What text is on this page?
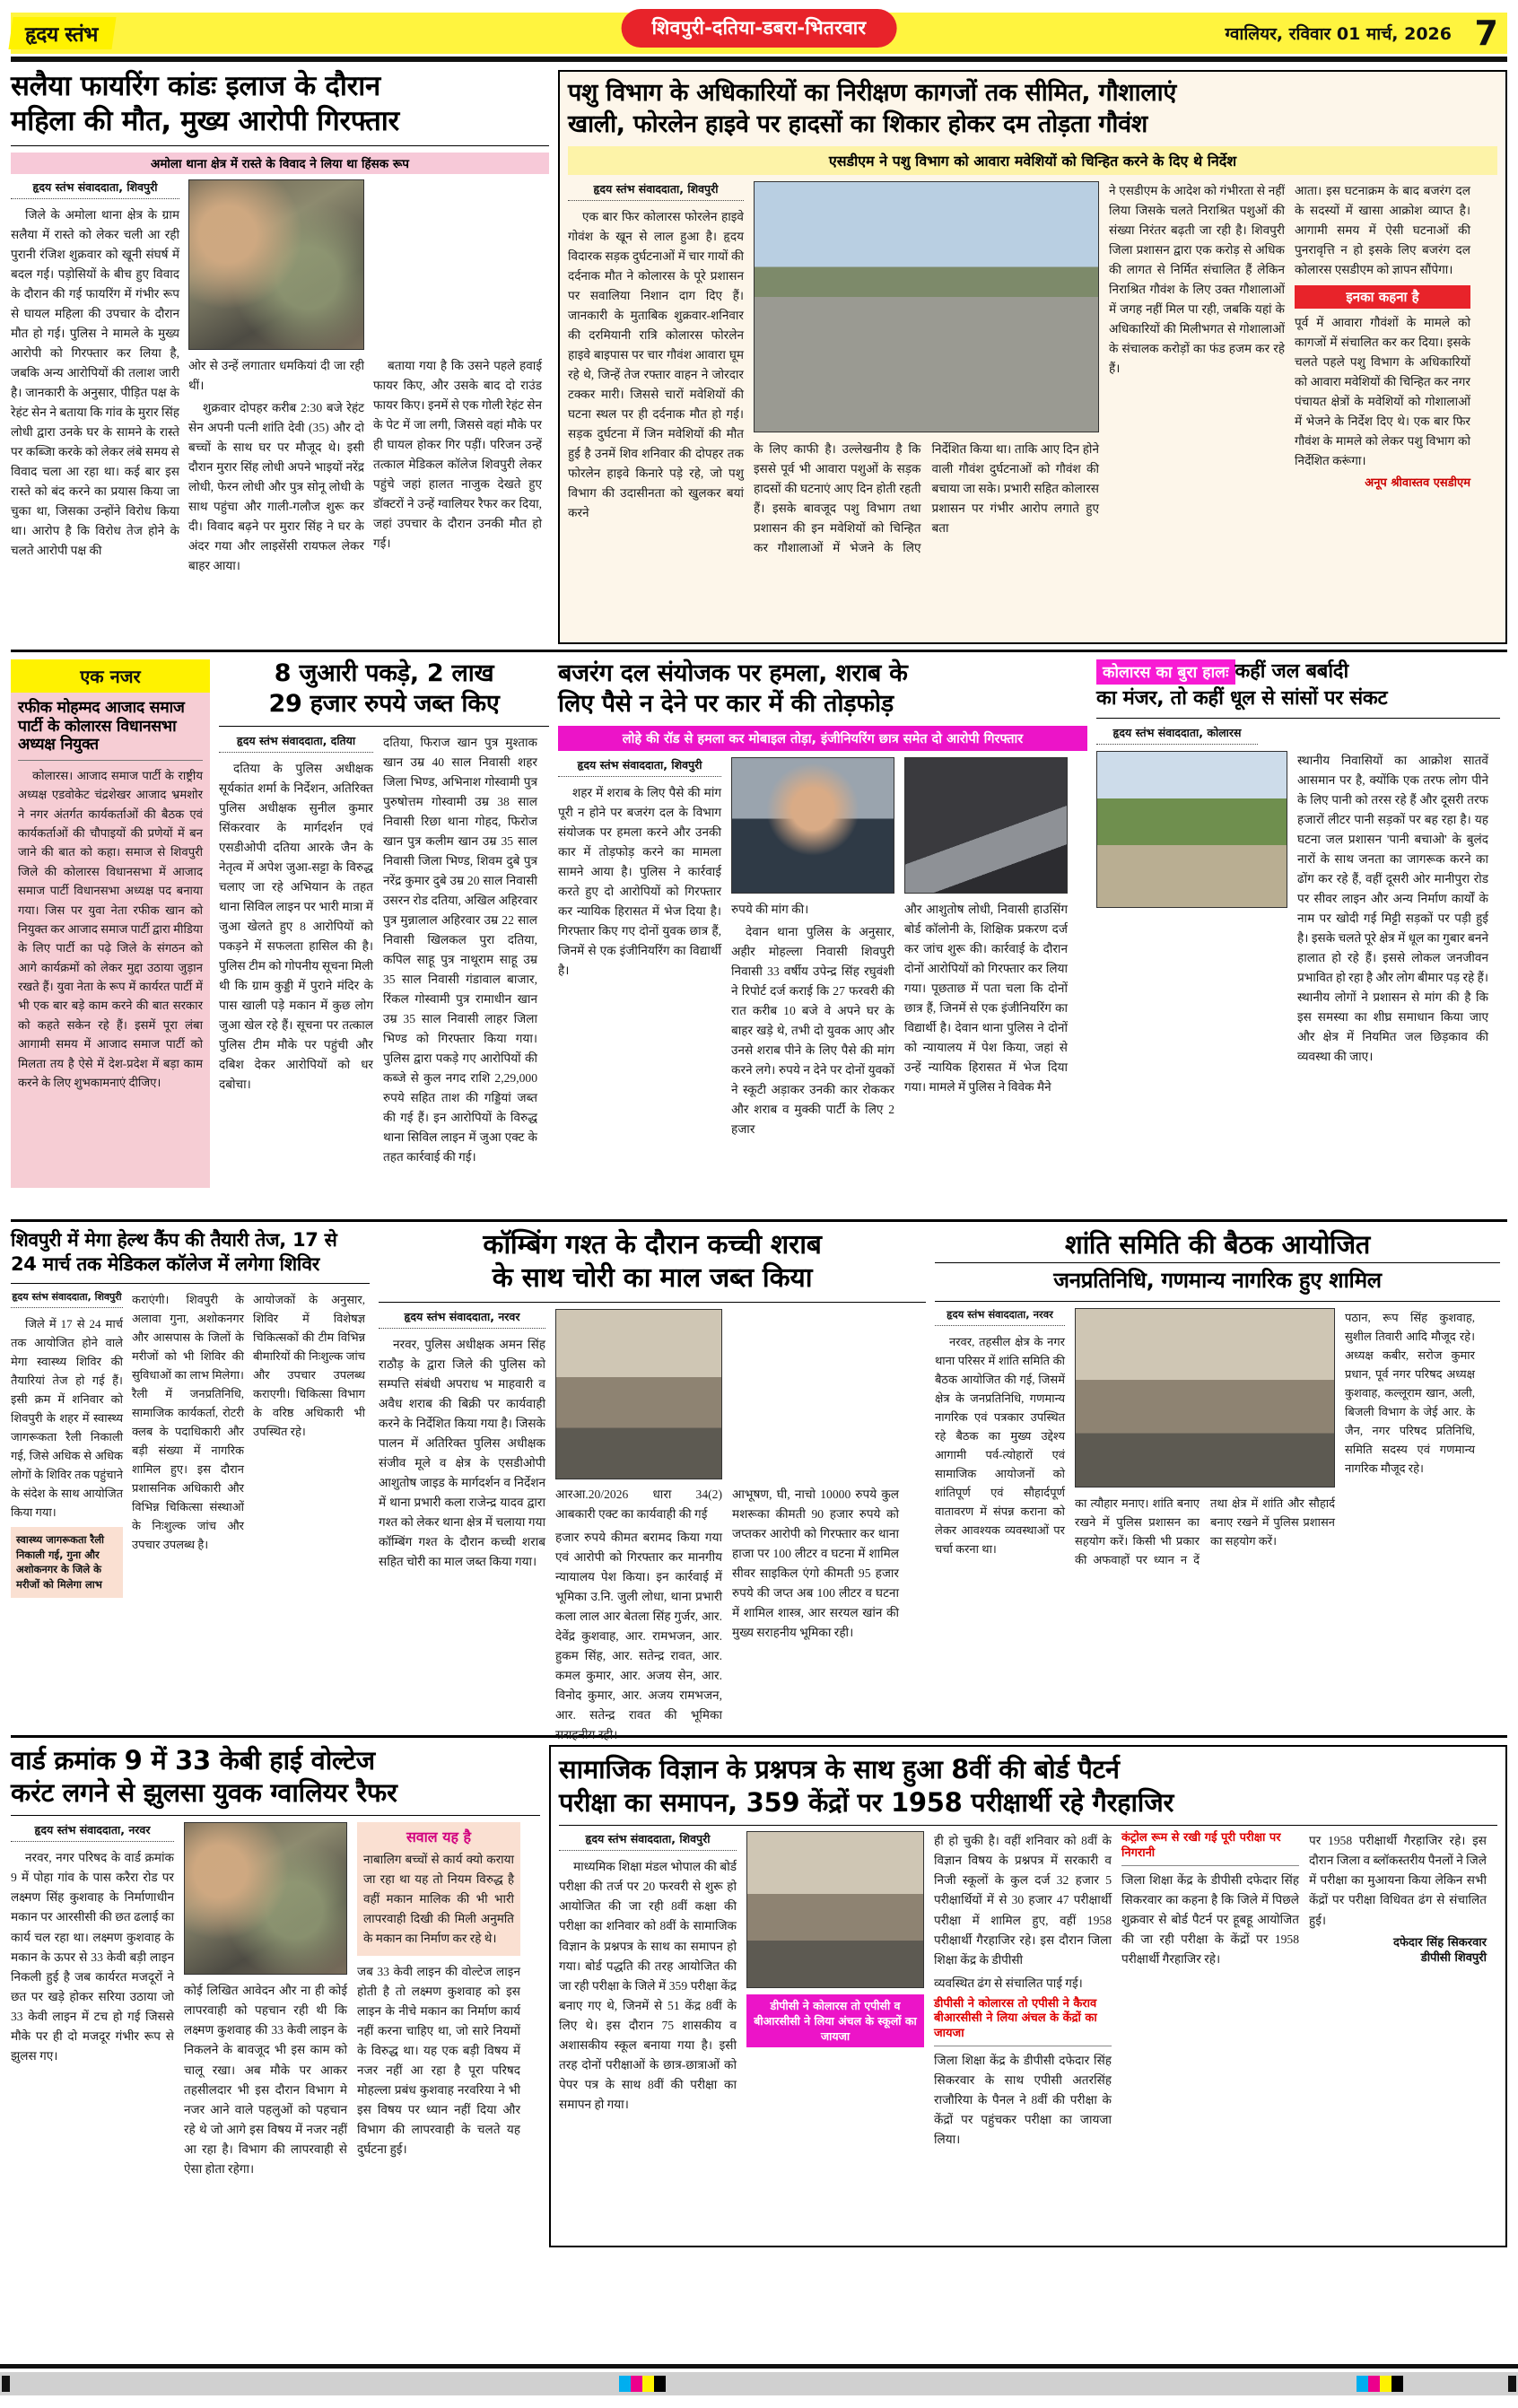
हृदय स्तंभ	शिवपुरी-दतिया-डबरा-भितरवार	ग्वालियर, रविवार 01 मार्च, 2026 7
सलैया फायरिंग कांडः इलाज के दौरान
महिला की मौत, मुख्य आरोपी गिरफ्तार
अमोला थाना क्षेत्र में रास्ते के विवाद ने लिया था हिंसक रूप
हृदय स्तंभ संवाददाता, शिवपुरी

जिले के अमोला थाना क्षेत्र के ग्राम सलैया में रास्ते को लेकर चली आ रही पुरानी रंजिश शुक्रवार को खूनी संघर्ष में बदल गई। पड़ोसियों के बीच हुए विवाद के दौरान की गई फायरिंग में गंभीर रूप से घायल महिला की उपचार के दौरान मौत हो गई। पुलिस ने मामले के मुख्य आरोपी को गिरफ्तार कर लिया है, जबकि अन्य आरोपियों की तलाश जारी है। जानकारी के अनुसार, पीड़ित पक्ष के रेहंट सेन ने बताया कि गांव के मुरार सिंह लोधी द्वारा उनके घर के सामने के रास्ते पर कब्जिा करके को लेकर लंबे समय से विवाद चला आ रहा था। कई बार इस रास्ते को बंद करने का प्रयास किया जा चुका था, जिसका उन्होंने विरोध किया था। आरोप है कि विरोध तेज होने के चलते आरोपी पक्ष की

ओर से उन्हें लगातार धमकियां दी जा रही थीं।

शुक्रवार दोपहर करीब 2:30 बजे रेहंट सेन अपनी पत्नी शांति देवी (35) और दो बच्चों के साथ घर पर मौजूद थे। इसी दौरान मुरार सिंह लोधी अपने भाइयों नरेंद्र लोधी, फेरन लोधी और पुत्र सोनू लोधी के साथ पहुंचा और गाली-गलौज शुरू कर दी। विवाद बढ़ने पर मुरार सिंह ने घर के अंदर गया और लाइसेंसी रायफल लेकर बाहर आया।

बताया गया है कि उसने पहले हवाई फायर किए, और उसके बाद दो राउंड फायर किए। इनमें से एक गोली रेहंट सेन के पेट में जा लगी, जिससे वहां मौके पर ही घायल होकर गिर पड़ीं। परिजन उन्हें तत्काल मेडिकल कॉलेज शिवपुरी लेकर पहुंचे जहां हालत नाजुक देखते हुए डॉक्टरों ने उन्हें ग्वालियर रैफर कर दिया, जहां उपचार के दौरान उनकी मौत हो गई।

पशु विभाग के अधिकारियों का निरीक्षण कागजों तक सीमित, गौशालाएं
खाली, फोरलेन हाइवे पर हादसों का शिकार होकर दम तोड़ता गौवंश
एसडीएम ने पशु विभाग को आवारा मवेशियों को चिन्हित करने के दिए थे निर्देश
हृदय स्तंभ संवाददाता, शिवपुरी

एक बार फिर कोलारस फोरलेन हाइवे गोवंश के खून से लाल हुआ है। हृदय विदारक सड़क दुर्घटनाओं में चार गायों की दर्दनाक मौत ने कोलारस के पूरे प्रशासन पर सवालिया निशान दाग दिए हैं। जानकारी के मुताबिक शुक्रवार-शनिवार की दरमियानी रात्रि कोलारस फोरलेन हाइवे बाइपास पर चार गौवंश आवारा घूम रहे थे, जिन्हें तेज रफ्तार वाहन ने जोरदार टक्कर मारी। जिससे चारों मवेशियों की घटना स्थल पर ही दर्दनाक मौत हो गई। सड़क दुर्घटना में जिन मवेशियों की मौत हुई है उनमें शिव शनिवार की दोपहर तक फोरलेन हाइवे किनारे पड़े रहे, जो पशु विभाग की उदासीनता को खुलकर बयां करने

के लिए काफी है। उल्लेखनीय है कि इससे पूर्व भी आवारा पशुओं के सड़क हादसों की घटनाएं आए दिन होती रहती हैं। इसके बावजूद पशु विभाग तथा प्रशासन की इन मवेशियों को चिन्हित कर गौशालाओं में भेजने के लिए निर्देशित किया था। ताकि आए दिन होने वाली गौवंश दुर्घटनाओं को गौवंश की बचाया जा सके। प्रभारी सहित कोलारस प्रशासन पर गंभीर आरोप लगाते हुए बता

ने एसडीएम के आदेश को गंभीरता से नहीं लिया जिसके चलते निराश्रित पशुओं की संख्या निरंतर बढ़ती जा रही है। शिवपुरी जिला प्रशासन द्वारा एक करोड़ से अधिक की लागत से निर्मित संचालित हैं लेकिन निराश्रित गौवंश के लिए उक्त गौशालाओं में जगह नहीं मिल पा रही, जबकि यहां के अधिकारियों की मिलीभगत से गोशालाओं के संचालक करोड़ों का फंड हजम कर रहे हैं।

आता। इस घटनाक्रम के बाद बजरंग दल के सदस्यों में खासा आक्रोश व्याप्त है। आगामी समय में ऐसी घटनाओं की पुनरावृत्ति न हो इसके लिए बजरंग दल कोलारस एसडीएम को ज्ञापन सौंपेगा।

इनका कहना है

पूर्व में आवारा गौवंशों के मामले को कागजों में संचालित कर कर दिया। इसके चलते पहले पशु विभाग के अधिकारियों को आवारा मवेशियों की चिन्हित कर नगर पंचायत क्षेत्रों के मवेशियों को गोशालाओं में भेजने के निर्देश दिए थे। एक बार फिर गौवंश के मामले को लेकर पशु विभाग को निर्देशित करूंगा।

अनूप श्रीवास्तव एसडीएम
एक नजर
रफीक मोहम्मद आजाद समाज पार्टी के कोलारस विधानसभा अध्यक्ष नियुक्त

कोलारस। आजाद समाज पार्टी के राष्ट्रीय अध्यक्ष एडवोकेट चंद्रशेखर आजाद भ्रमशोर ने नगर अंतर्गत कार्यकर्ताओं की बैठक एवं कार्यकर्ताओं की चौपाइयों की प्रणेयों में बन जाने की बात को कहा। समाज से शिवपुरी जिले की कोलारस विधानसभा में आजाद समाज पार्टी विधानसभा अध्यक्ष पद बनाया गया। जिस पर युवा नेता रफीक खान को नियुक्त कर आजाद समाज पार्टी द्वारा मीडिया के लिए पार्टी का पढ़े जिले के संगठन को आगे कार्यक्रमों को लेकर मुद्दा उठाया जुड़ान रखते हैं। युवा नेता के रूप में कार्यरत पार्टी में भी एक बार बड़े काम करने की बात सरकार को कहते सकेन रहे हैं। इसमें पूरा लंबा आगामी समय में आजाद समाज पार्टी को मिलता तय है ऐसे में देश-प्रदेश में बड़ा काम करने के लिए शुभकामनाएं दीजिए।

8 जुआरी पकड़े, 2 लाख
29 हजार रुपये जब्त किए
हृदय स्तंभ संवाददाता, दतिया

दतिया के पुलिस अधीक्षक सूर्यकांत शर्मा के निर्देशन, अतिरिक्त पुलिस अधीक्षक सुनील कुमार सिंकरवार के मार्गदर्शन एवं एसडीओपी दतिया आरके जैन के नेतृत्व में अपेश जुआ-सट्टा के विरुद्ध चलाए जा रहे अभियान के तहत थाना सिविल लाइन पर भारी मात्रा में जुआ खेलते हुए 8 आरोपियों को पकड़ने में सफलता हासिल की है। पुलिस टीम को गोपनीय सूचना मिली थी कि ग्राम कुड्डी में पुराने मंदिर के पास खाली पड़े मकान में कुछ लोग जुआ खेल रहे हैं। सूचना पर तत्काल पुलिस टीम मौके पर पहुंची और दबिश देकर आरोपियों को धर दबोचा।

दतिया, फिराज खान पुत्र मुश्ताक खान उम्र 40 साल निवासी शहर जिला भिण्ड, अभिनाश गोस्वामी पुत्र पुरुषोत्तम गोस्वामी उम्र 38 साल निवासी रिछा थाना गोहद, फिरोज खान पुत्र कलीम खान उम्र 35 साल निवासी जिला भिण्ड, शिवम दुबे पुत्र नरेंद्र कुमार दुबे उम्र 20 साल निवासी उसरन रोड दतिया, अखिल अहिरवार पुत्र मुन्नालाल अहिरवार उम्र 22 साल निवासी खिलकल पुरा दतिया, कपिल साहू पुत्र नाथूराम साहू उम्र 35 साल निवासी गंडावाल बाजार, रिंकल गोस्वामी पुत्र रामाधीन खान उम्र 35 साल निवासी लाहर जिला भिण्ड को गिरफ्तार किया गया। पुलिस द्वारा पकड़े गए आरोपियों की कब्जे से कुल नगद राशि 2,29,000 रुपये सहित ताश की गड्डियां जब्त की गई हैं। इन आरोपियों के विरुद्ध थाना सिविल लाइन में जुआ एक्ट के तहत कार्रवाई की गई।

बजरंग दल संयोजक पर हमला, शराब के
लिए पैसे न देने पर कार में की तोड़फोड़
लोहे की रॉड से हमला कर मोबाइल तोड़ा, इंजीनियरिंग छात्र समेत दो आरोपी गिरफ्तार
हृदय स्तंभ संवाददाता, शिवपुरी

शहर में शराब के लिए पैसे की मांग पूरी न होने पर बजरंग दल के विभाग संयोजक पर हमला करने और उनकी कार में तोड़फोड़ करने का मामला सामने आया है। पुलिस ने कार्रवाई करते हुए दो आरोपियों को गिरफ्तार कर न्यायिक हिरासत में भेज दिया है। गिरफ्तार किए गए दोनों युवक छात्र हैं, जिनमें से एक इंजीनियरिंग का विद्यार्थी है।

रुपये की मांग की।

देवान थाना पुलिस के अनुसार, अहीर मोहल्ला निवासी शिवपुरी निवासी 33 वर्षीय उपेन्द्र सिंह रघुवंशी ने रिपोर्ट दर्ज कराई कि 27 फरवरी की रात करीब 10 बजे वे अपने घर के बाहर खड़े थे, तभी दो युवक आए और उनसे शराब पीने के लिए पैसे की मांग करने लगे। रुपये न देने पर दोनों युवकों ने स्कूटी अड़ाकर उनकी कार रोककर और शराब व मुक्की पार्टी के लिए 2 हजार

और आशुतोष लोधी, निवासी हाउसिंग बोर्ड कॉलोनी के, शिक्षिक प्रकरण दर्ज कर जांच शुरू की। कार्रवाई के दौरान दोनों आरोपियों को गिरफ्तार कर लिया गया। पूछताछ में पता चला कि दोनों छात्र हैं, जिनमें से एक इंजीनियरिंग का विद्यार्थी है। देवान थाना पुलिस ने दोनों को न्यायालय में पेश किया, जहां से उन्हें न्यायिक हिरासत में भेज दिया गया। मामले में पुलिस ने विवेक मैने

कोलारस का बुरा हालः कहीं जल बर्बादी
का मंजर, तो कहीं धूल से सांसों पर संकट
हृदय स्तंभ संवाददाता, कोलारस

स्थानीय निवासियों का आक्रोश सातवें आसमान पर है, क्योंकि एक तरफ लोग पीने के लिए पानी को तरस रहे हैं और दूसरी तरफ हजारों लीटर पानी सड़कों पर बह रहा है। यह घटना जल प्रशासन 'पानी बचाओ' के बुलंद नारों के साथ जनता का जागरूक करने का ढोंग कर रहे हैं, वहीं दूसरी ओर मानीपुरा रोड पर सीवर लाइन और अन्य निर्माण कार्यों के नाम पर खोदी गई मिट्टी सड़कों पर पड़ी हुई है। इसके चलते पूरे क्षेत्र में धूल का गुबार बनने हालात हो रहे हैं। इससे लोकल जनजीवन प्रभावित हो रहा है और लोग बीमार पड़ रहे हैं। स्थानीय लोगों ने प्रशासन से मांग की है कि इस समस्या का शीघ्र समाधान किया जाए और क्षेत्र में नियमित जल छिड़काव की व्यवस्था की जाए।

शिवपुरी में मेगा हेल्थ कैंप की तैयारी तेज, 17 से
24 मार्च तक मेडिकल कॉलेज में लगेगा शिविर
हृदय स्तंभ संवाददाता, शिवपुरी

जिले में 17 से 24 मार्च तक आयोजित होने वाले मेगा स्वास्थ्य शिविर की तैयारियां तेज हो गई हैं। इसी क्रम में शनिवार को शिवपुरी के शहर में स्वास्थ्य जागरूकता रैली निकाली गई, जिसे अधिक से अधिक लोगों के शिविर तक पहुंचाने के संदेश के साथ आयोजित किया गया।

स्वास्थ्य जागरूकता रैली निकाली गई, गुना और अशोकनगर के जिले के मरीजों को मिलेगा लाभ

कराएंगी। शिवपुरी के अलावा गुना, अशोकनगर और आसपास के जिलों के मरीजों को भी शिविर की सुविधाओं का लाभ मिलेगा। रैली में जनप्रतिनिधि, सामाजिक कार्यकर्ता, रोटरी क्लब के पदाधिकारी और बड़ी संख्या में नागरिक शामिल हुए। इस दौरान प्रशासनिक अधिकारी और विभिन्न चिकित्सा संस्थाओं के निःशुल्क जांच और उपचार उपलब्ध है।

आयोजकों के अनुसार, शिविर में विशेषज्ञ चिकित्सकों की टीम विभिन्न बीमारियों की निःशुल्क जांच और उपचार उपलब्ध कराएगी। चिकित्सा विभाग के वरिष्ठ अधिकारी भी उपस्थित रहे।

कॉम्बिंग गश्त के दौरान कच्ची शराब
के साथ चोरी का माल जब्त किया
हृदय स्तंभ संवाददाता, नरवर

नरवर, पुलिस अधीक्षक अमन सिंह राठौड़ के द्वारा जिले की पुलिस को सम्पत्ति संबंधी अपराध भ माहवारी व अवैध शराब की बिक्री पर कार्यवाही करने के निर्देशित किया गया है। जिसके पालन में अतिरिक्त पुलिस अधीक्षक संजीव मूले व क्षेत्र के एसडीओपी आशुतोष जाइड के मार्गदर्शन व निर्देशन में थाना प्रभारी कला राजेन्द्र यादव द्वारा गश्त को लेकर थाना क्षेत्र में चलाया गया कॉम्बिंग गश्त के दौरान कच्ची शराब सहित चोरी का माल जब्त किया गया।

आरआ.20/2026 धारा 34(2) आबकारी एक्ट का कार्यवाही की गई

हजार रुपये कीमत बरामद किया गया एवं आरोपी को गिरफ्तार कर मानगीय न्यायालय पेश किया। इन कार्रवाई में भूमिका उ.नि. जुली लोधा, थाना प्रभारी कला लाल आर बेतला सिंह गुर्जर, आर. देवेंद्र कुशवाह, आर. रामभजन, आर. हुकम सिंह, आर. सतेन्द्र रावत, आर. कमल कुमार, आर. अजय सेन, आर. विनोद कुमार, आर. अजय रामभजन, आर. सतेन्द्र रावत की भूमिका सराहनीय रही।

आभूषण, घी, नाचो 10000 रुपये कुल मशरूका कीमती 90 हजार रुपये को जप्तकर आरोपी को गिरफ्तार कर थाना हाजा पर 100 लीटर व घटना में शामिल सीवर साइकिल एंगो कीमती 95 हजार रुपये की जप्त अब 100 लीटर व घटना में शामिल शास्त्र, आर सरयल खांन की मुख्य सराहनीय भूमिका रही।

शांति समिति की बैठक आयोजित
जनप्रतिनिधि, गणमान्य नागरिक हुए शामिल
हृदय स्तंभ संवाददाता, नरवर

नरवर, तहसील क्षेत्र के नगर थाना परिसर में शांति समिति की बैठक आयोजित की गई, जिसमें क्षेत्र के जनप्रतिनिधि, गणमान्य नागरिक एवं पत्रकार उपस्थित रहे बैठक का मुख्य उद्देश्य आगामी पर्व-त्योहारों एवं सामाजिक आयोजनों को शांतिपूर्ण एवं सौहार्दपूर्ण वातावरण में संपन्न कराना को लेकर आवश्यक व्यवस्थाओं पर चर्चा करना था।

का त्यौहार मनाए। शांति बनाए रखने में पुलिस प्रशासन का सहयोग करें। किसी भी प्रकार की अफवाहों पर ध्यान न दें तथा क्षेत्र में शांति और सौहार्द बनाए रखने में पुलिस प्रशासन का सहयोग करें।

पठान, रूप सिंह कुशवाह, सुशील तिवारी आदि मौजूद रहे। अध्यक्ष कबीर, सरोज कुमार प्रधान, पूर्व नगर परिषद अध्यक्ष कुशवाह, कल्लूराम खान, अली, बिजली विभाग के जेई आर. के जैन, नगर परिषद प्रतिनिधि, समिति सदस्य एवं गणमान्य नागरिक मौजूद रहे।

वार्ड क्रमांक 9 में 33 केबी हाई वोल्टेज
करंट लगने से झुलसा युवक ग्वालियर रैफर
हृदय स्तंभ संवाददाता, नरवर

नरवर, नगर परिषद के वार्ड क्रमांक 9 में पोहा गांव के पास करैरा रोड पर लक्ष्मण सिंह कुशवाह के निर्माणाधीन मकान पर आरसीसी की छत ढलाई का कार्य चल रहा था। लक्ष्मण कुशवाह के मकान के ऊपर से 33 केवी बड़ी लाइन निकली हुई है जब कार्यरत मजदूरों ने छत पर खड़े होकर सरिया उठाया जो 33 केवी लाइन में टच हो गई जिससे मौके पर ही दो मजदूर गंभीर रूप से झुलस गए।

कोई लिखित आवेदन और ना ही कोई लापरवाही को पहचान रही थी कि लक्ष्मण कुशवाह की 33 केवी लाइन के निकलने के बावजूद भी इस काम को चालू रखा। अब मौके पर आकर तहसीलदार भी इस दौरान विभाग मे नजर आने वाले पहलुओं को पहचान रहे थे जो आगे इस विषय में नजर नहीं आ रहा है। विभाग की लापरवाही से ऐसा होता रहेगा।

सवाल यह है

नाबालिग बच्चों से कार्य क्यो कराया जा रहा था यह तो नियम विरुद्ध है वहीं मकान मालिक की भी भारी लापरवाही दिखी की मिली अनुमति के मकान का निर्माण कर रहे थे।

जब 33 केवी लाइन की वोल्टेज लाइन होती है तो लक्ष्मण कुशवाह को इस लाइन के नीचे मकान का निर्माण कार्य नहीं करना चाहिए था, जो सारे नियमों के विरुद्ध था। यह एक बड़ी विषय में नजर नहीं आ रहा है पूरा परिषद मोहल्ला प्रबंध कुशवाह नरवरिया ने भी इस विषय पर ध्यान नहीं दिया और विभाग की लापरवाही के चलते यह दुर्घटना हुई।

सामाजिक विज्ञान के प्रश्नपत्र के साथ हुआ 8वीं की बोर्ड पैटर्न
परीक्षा का समापन, 359 केंद्रों पर 1958 परीक्षार्थी रहे गैरहाजिर
हृदय स्तंभ संवाददाता, शिवपुरी

माध्यमिक शिक्षा मंडल भोपाल की बोर्ड परीक्षा की तर्ज पर 20 फरवरी से शुरू हो आयोजित की जा रही 8वीं कक्षा की परीक्षा का शनिवार को 8वीं के सामाजिक विज्ञान के प्रश्नपत्र के साथ का समापन हो गया। बोर्ड पद्धति की तरह आयोजित की जा रही परीक्षा के जिले में 359 परीक्षा केंद्र बनाए गए थे, जिनमें से 51 केंद्र 8वीं के लिए थे। इस दौरान 75 शासकीय व अशासकीय स्कूल बनाया गया है। इसी तरह दोनों परीक्षाओं के छात्र-छात्राओं को पेपर पत्र के साथ 8वीं की परीक्षा का समापन हो गया।

डीपीसी ने कोलारस तो एपीसी व बीआरसीसी ने लिया अंचल के स्कूलों का जायजा

ही हो चुकी है। वहीं शनिवार को 8वीं के विज्ञान विषय के प्रश्नपत्र में सरकारी व निजी स्कूलों के कुल दर्ज 32 हजार 5 परीक्षार्थियों में से 30 हजार 47 परीक्षार्थी परीक्षा में शामिल हुए, वहीं 1958 परीक्षार्थी गैरहाजिर रहे। इस दौरान जिला शिक्षा केंद्र के डीपीसी

व्यवस्थित ढंग से संचालित पाई गई।

डीपीसी ने कोलारस तो एपीसी ने कैराव बीआरसीसी ने लिया अंचल के केंद्रों का जायजा

जिला शिक्षा केंद्र के डीपीसी दफेदार सिंह सिकरवार के साथ एपीसी अतरसिंह राजौरिया के पैनल ने 8वीं की परीक्षा के केंद्रों पर पहुंचकर परीक्षा का जायजा लिया।

कंट्रोल रूम से रखी गई पूरी परीक्षा पर निगरानी

जिला शिक्षा केंद्र के डीपीसी दफेदार सिंह सिकरवार का कहना है कि जिले में पिछले शुक्रवार से बोर्ड पैटर्न पर हूबहू आयोजित की जा रही परीक्षा के केंद्रों पर 1958 परीक्षार्थी गैरहाजिर रहे।

पर 1958 परीक्षार्थी गैरहाजिर रहे। इस दौरान जिला व ब्लॉकस्तरीय पैनलों ने जिले में परीक्षा का मुआयना किया लेकिन सभी केंद्रों पर परीक्षा विधिवत ढंग से संचालित हुई।

दफेदार सिंह सिकरवार
डीपीसी शिवपुरी
